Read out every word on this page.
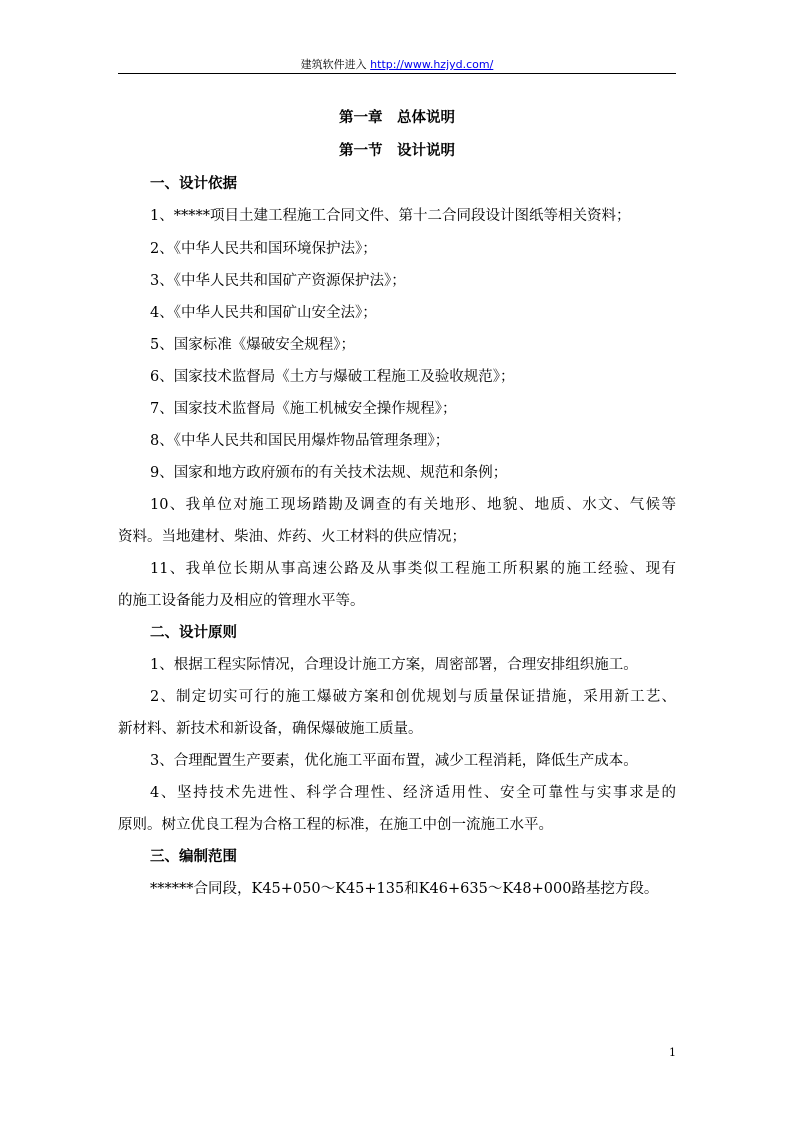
建筑软件进入 http://www.hzjyd.com/
第一章　总体说明
第一节　设计说明
一、设计依据
1、*****项目土建工程施工合同文件、第十二合同段设计图纸等相关资料；
2、《中华人民共和国环境保护法》；
3、《中华人民共和国矿产资源保护法》；
4、《中华人民共和国矿山安全法》；
5、国家标准《爆破安全规程》；
6、国家技术监督局《土方与爆破工程施工及验收规范》；
7、国家技术监督局《施工机械安全操作规程》；
8、《中华人民共和国民用爆炸物品管理条理》；
9、国家和地方政府颁布的有关技术法规、规范和条例；
10、我单位对施工现场踏勘及调查的有关地形、地貌、地质、水文、气候等
资料。当地建材、柴油、炸药、火工材料的供应情况；
11、我单位长期从事高速公路及从事类似工程施工所积累的施工经验、现有
的施工设备能力及相应的管理水平等。
二、设计原则
1、根据工程实际情况，合理设计施工方案，周密部署，合理安排组织施工。
2、制定切实可行的施工爆破方案和创优规划与质量保证措施，采用新工艺、
新材料、新技术和新设备，确保爆破施工质量。
3、合理配置生产要素，优化施工平面布置，减少工程消耗，降低生产成本。
4、坚持技术先进性、科学合理性、经济适用性、安全可靠性与实事求是的
原则。树立优良工程为合格工程的标准，在施工中创一流施工水平。
三、编制范围
******合同段，K45+050～K45+135和K46+635～K48+000路基挖方段。
1
